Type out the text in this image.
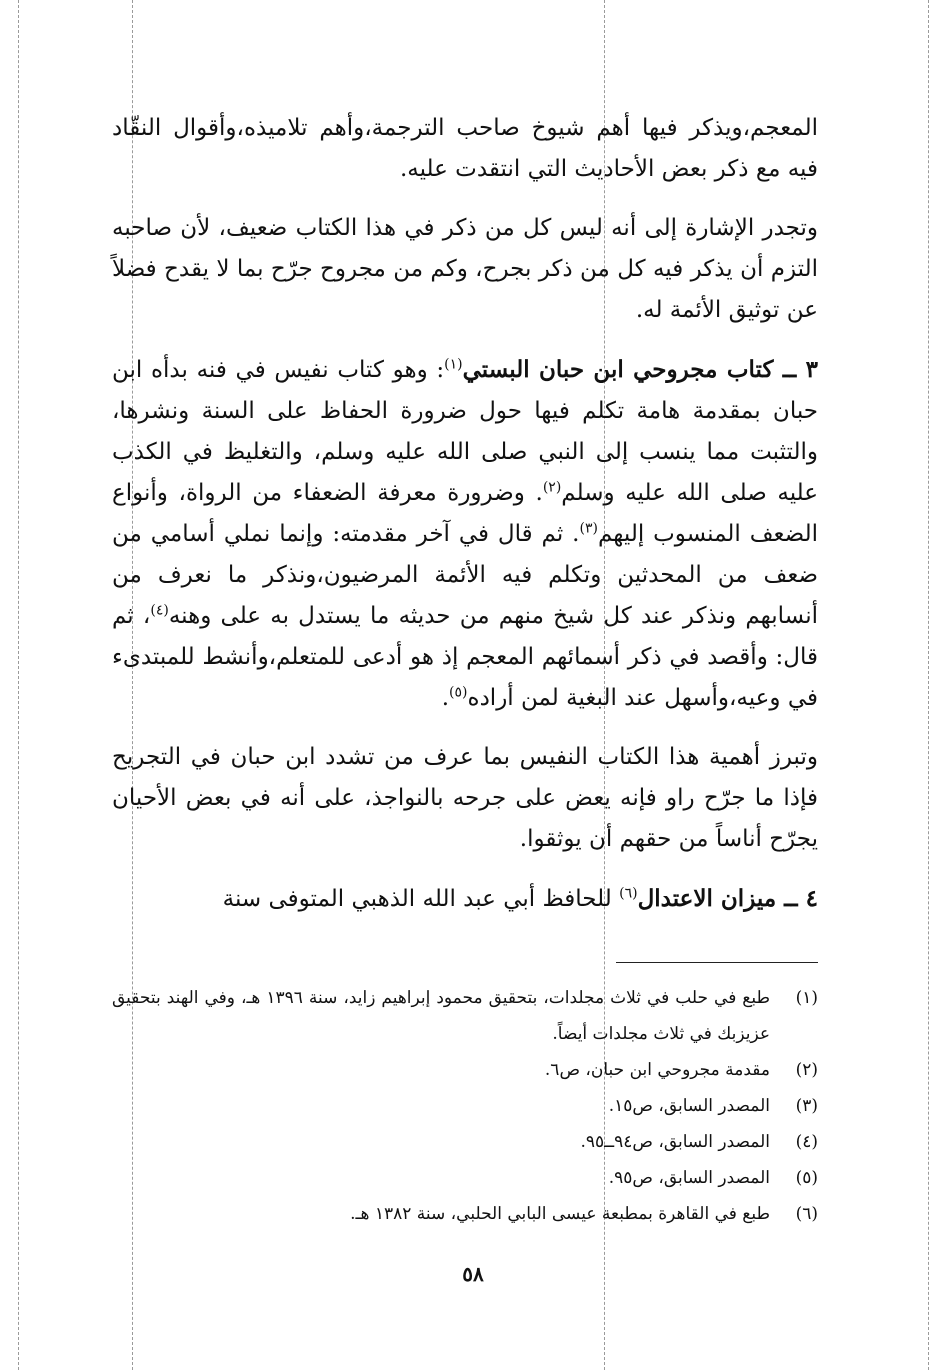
المعجم،ويذكر فيها أهم شيوخ صاحب الترجمة،وأهم تلاميذه،وأقوال النقّاد فيه مع ذكر بعض الأحاديث التي انتقدت عليه.

وتجدر الإشارة إلى أنه ليس كل من ذكر في هذا الكتاب ضعيف، لأن صاحبه التزم أن يذكر فيه كل من ذكر بجرح، وكم من مجروح جرّح بما لا يقدح فضلاً عن توثيق الأئمة له.

٣ ــ كتاب مجروحي ابن حبان البستي$^{(١)}$: وهو كتاب نفيس في فنه بدأه ابن حبان بمقدمة هامة تكلم فيها حول ضرورة الحفاظ على السنة ونشرها، والتثبت مما ينسب إلى النبي صلى الله عليه وسلم، والتغليظ في الكذب عليه صلى الله عليه وسلم$^{(٢)}$. وضرورة معرفة الضعفاء من الرواة، وأنواع الضعف المنسوب إليهم$^{(٣)}$. ثم قال في آخر مقدمته: وإنما نملي أسامي من ضعف من المحدثين وتكلم فيه الأئمة المرضيون،ونذكر ما نعرف من أنسابهم ونذكر عند كل شيخ منهم من حديثه ما يستدل به على وهنه$^{(٤)}$، ثم قال: وأقصد في ذكر أسمائهم المعجم إذ هو أدعى للمتعلم،وأنشط للمبتدىء في وعيه،وأسهل عند البغية لمن أراده$^{(٥)}$.

وتبرز أهمية هذا الكتاب النفيس بما عرف من تشدد ابن حبان في التجريح فإذا ما جرّح راو فإنه يعض على جرحه بالنواجذ، على أنه في بعض الأحيان يجرّح أناساً من حقهم أن يوثقوا.

٤ ــ ميزان الاعتدال$^{(٦)}$ للحافظ أبي عبد الله الذهبي المتوفى سنة

(١)
طبع في حلب في ثلاث مجلدات، بتحقيق محمود إبراهيم زايد، سنة ١٣٩٦ هـ، وفي الهند بتحقيق عزيزبك في ثلاث مجلدات أيضاً.
(٢)
مقدمة مجروحي ابن حبان، ص٦.
(٣)
المصدر السابق، ص١٥.
(٤)
المصدر السابق، ص٩٤ــ٩٥.
(٥)
المصدر السابق، ص٩٥.
(٦)
طبع في القاهرة بمطبعة عيسى البابي الحلبي، سنة ١٣٨٢ هـ.
٥٨
